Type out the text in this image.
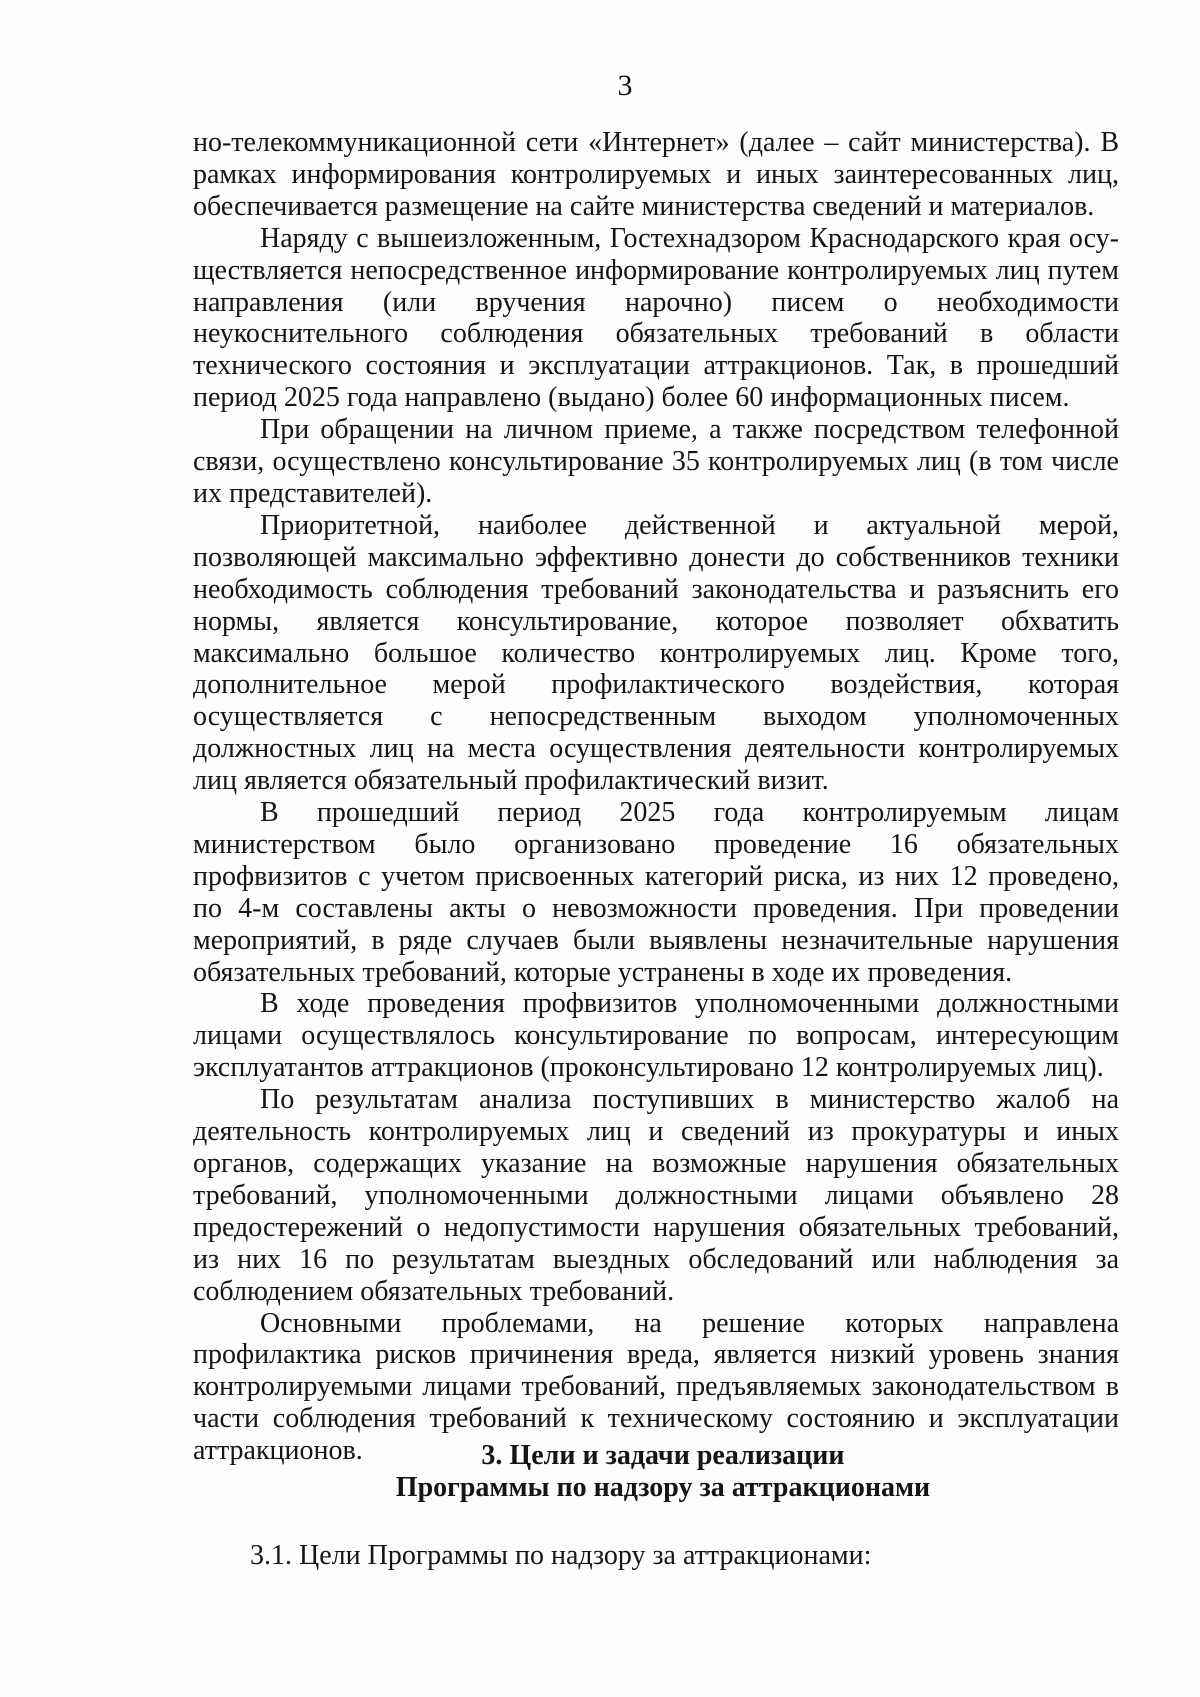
3

но-телекоммуникационной сети «Интернет» (далее – сайт министерства). В рамках информирования контролируемых и иных заинтересованных лиц, обеспечивается размещение на сайте министерства сведений и материалов.

Наряду с вышеизложенным, Гостехнадзором Краснодарского края осуществляется непосредственное информирование контролируемых лиц путем направления (или вручения нарочно) писем о необходимости неукоснительного соблюдения обязательных требований в области технического состояния и эксплуатации аттракционов. Так, в прошедший период 2025 года направлено (выдано) более 60 информационных писем.

При обращении на личном приеме, а также посредством телефонной связи, осуществлено консультирование 35 контролируемых лиц (в том числе их представителей).

Приоритетной, наиболее действенной и актуальной мерой, позволяющей максимально эффективно донести до собственников техники необходимость соблюдения требований законодательства и разъяснить его нормы, является консультирование, которое позволяет обхватить максимально большое количество контролируемых лиц. Кроме того, дополнительное мерой профилактического воздействия, которая осуществляется с непосредственным выходом уполномоченных должностных лиц на места осуществления деятельности контролируемых лиц является обязательный профилактический визит.

В прошедший период 2025 года контролируемым лицам министерством было организовано проведение 16 обязательных профвизитов с учетом присвоенных категорий риска, из них 12 проведено, по 4-м составлены акты о невозможности проведения. При проведении мероприятий, в ряде случаев были выявлены незначительные нарушения обязательных требований, которые устранены в ходе их проведения.

В ходе проведения профвизитов уполномоченными должностными лицами осуществлялось консультирование по вопросам, интересующим эксплуатантов аттракционов (проконсультировано 12 контролируемых лиц).

По результатам анализа поступивших в министерство жалоб на деятельность контролируемых лиц и сведений из прокуратуры и иных органов, содержащих указание на возможные нарушения обязательных требований, уполномоченными должностными лицами объявлено 28 предостережений о недопустимости нарушения обязательных требований, из них 16 по результатам выездных обследований или наблюдения за соблюдением обязательных требований.

Основными проблемами, на решение которых направлена профилактика рисков причинения вреда, является низкий уровень знания контролируемыми лицами требований, предъявляемых законодательством в части соблюдения требований к техническому состоянию и эксплуатации аттракционов.	3. Цели и задачи реализации
Программы по надзору за аттракционами
3.1. Цели Программы по надзору за аттракционами:
